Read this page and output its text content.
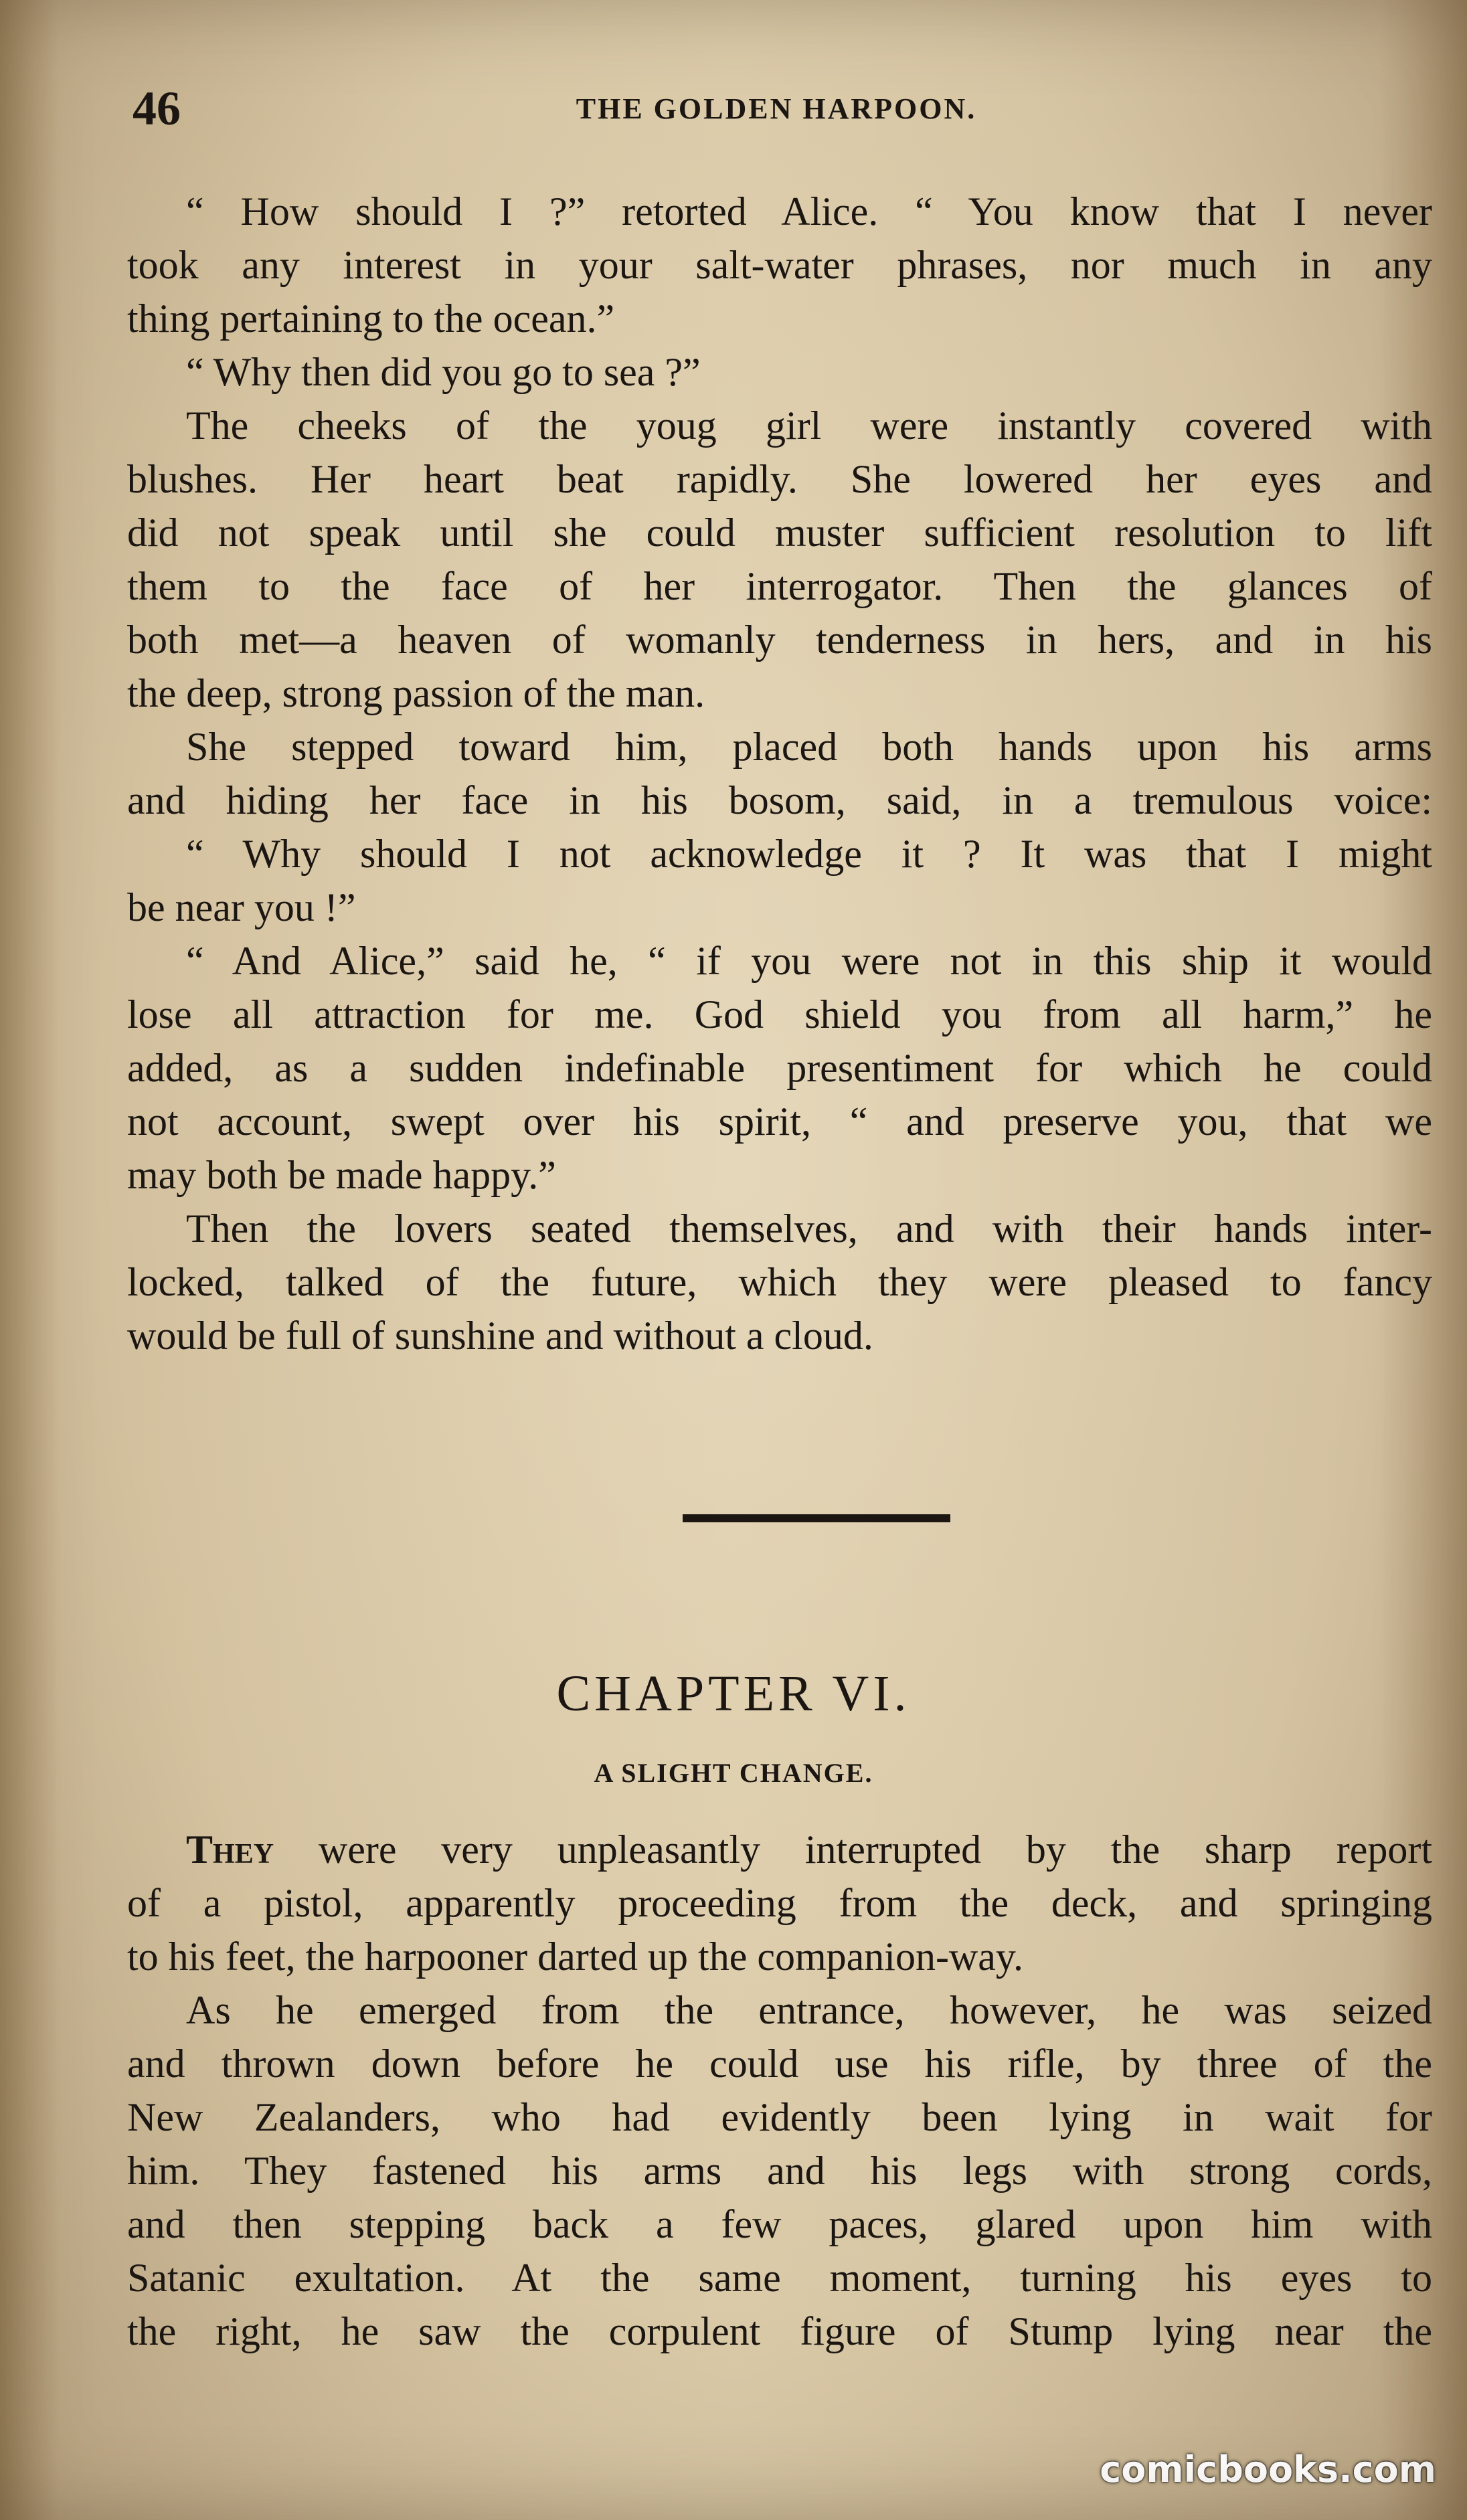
46	THE GOLDEN HARPOON.
“ How should I ?” retorted Alice. “ You know that I never
took any interest in your salt-water phrases, nor much in any
thing pertaining to the ocean.”
“ Why then did you go to sea ?”
The cheeks of the youg girl were instantly covered with
blushes. Her heart beat rapidly. She lowered her eyes and
did not speak until she could muster sufficient resolution to lift
them to the face of her interrogator. Then the glances of
both met—a heaven of womanly tenderness in hers, and in his
the deep, strong passion of the man.
She stepped toward him, placed both hands upon his arms
and hiding her face in his bosom, said, in a tremulous voice:
“ Why should I not acknowledge it ? It was that I might
be near you !”
“ And Alice,” said he, “ if you were not in this ship it would
lose all attraction for me. God shield you from all harm,” he
added, as a sudden indefinable presentiment for which he could
not account, swept over his spirit, “ and preserve you, that we
may both be made happy.”
Then the lovers seated themselves, and with their hands inter-
locked, talked of the future, which they were pleased to fancy
would be full of sunshine and without a cloud.
CHAPTER VI.
A SLIGHT CHANGE.
They were very unpleasantly interrupted by the sharp report
of a pistol, apparently proceeding from the deck, and springing
to his feet, the harpooner darted up the companion-way.
As he emerged from the entrance, however, he was seized
and thrown down before he could use his rifle, by three of the
New Zealanders, who had evidently been lying in wait for
him. They fastened his arms and his legs with strong cords,
and then stepping back a few paces, glared upon him with
Satanic exultation. At the same moment, turning his eyes to
the right, he saw the corpulent figure of Stump lying near the
comicbooks.com
